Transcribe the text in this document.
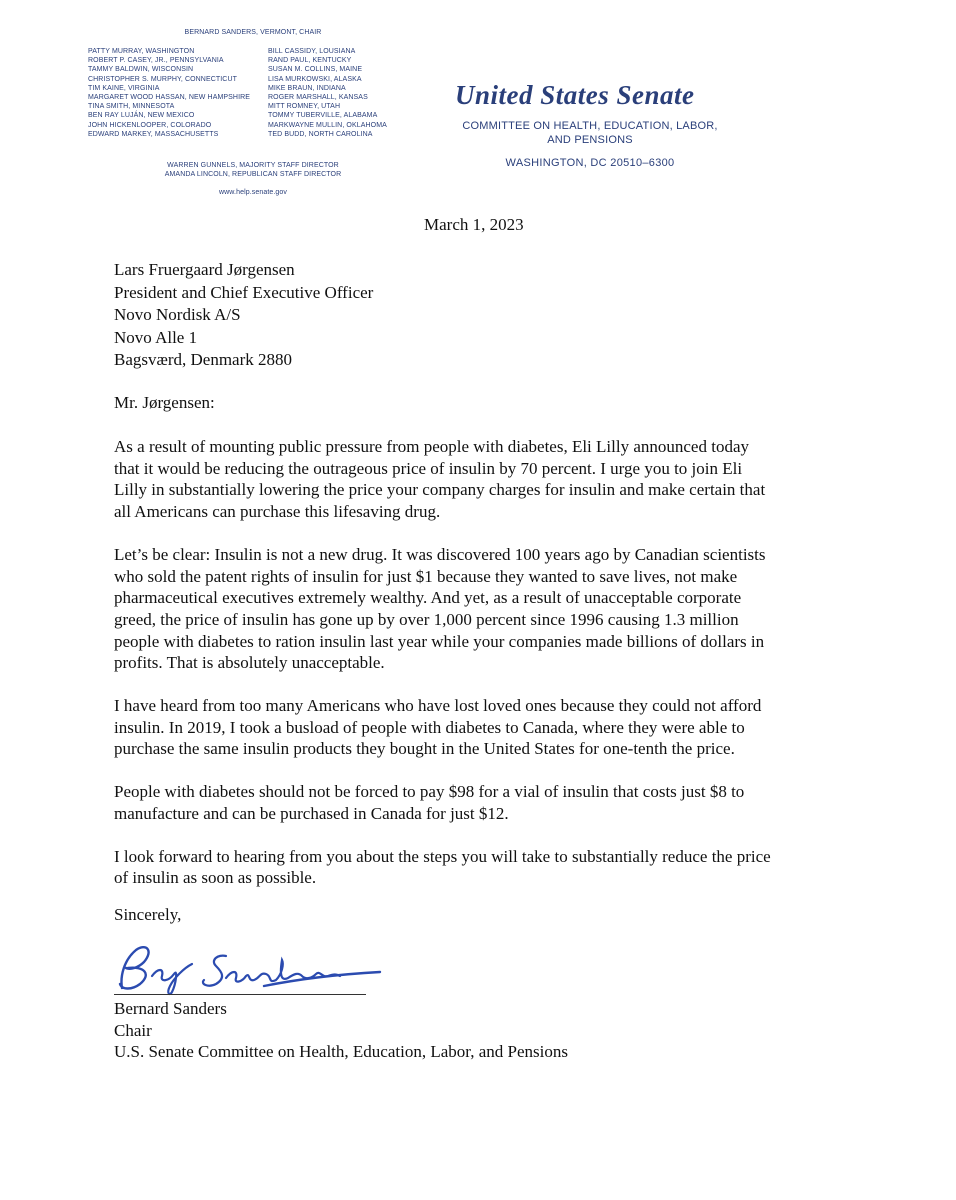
BERNARD SANDERS, VERMONT, CHAIR
PATTY MURRAY, WASHINGTON
ROBERT P. CASEY, JR., PENNSYLVANIA
TAMMY BALDWIN, WISCONSIN
CHRISTOPHER S. MURPHY, CONNECTICUT
TIM KAINE, VIRGINIA
MARGARET WOOD HASSAN, NEW HAMPSHIRE
TINA SMITH, MINNESOTA
BEN RAY LUJÁN, NEW MEXICO
JOHN HICKENLOOPER, COLORADO
EDWARD MARKEY, MASSACHUSETTS
BILL CASSIDY, LOUSIANA
RAND PAUL, KENTUCKY
SUSAN M. COLLINS, MAINE
LISA MURKOWSKI, ALASKA
MIKE BRAUN, INDIANA
ROGER MARSHALL, KANSAS
MITT ROMNEY, UTAH
TOMMY TUBERVILLE, ALABAMA
MARKWAYNE MULLIN, OKLAHOMA
TED BUDD, NORTH CAROLINA
WARREN GUNNELS, MAJORITY STAFF DIRECTOR
AMANDA LINCOLN, REPUBLICAN STAFF DIRECTOR
www.help.senate.gov
United States Senate
COMMITTEE ON HEALTH, EDUCATION, LABOR,
AND PENSIONS
WASHINGTON, DC 20510–6300
March 1, 2023
Lars Fruergaard Jørgensen
President and Chief Executive Officer
Novo Nordisk A/S
Novo Alle 1
Bagsværd, Denmark 2880
Mr. Jørgensen:

As a result of mounting public pressure from people with diabetes, Eli Lilly announced today
that it would be reducing the outrageous price of insulin by 70 percent. I urge you to join Eli
Lilly in substantially lowering the price your company charges for insulin and make certain that
all Americans can purchase this lifesaving drug.

Let’s be clear: Insulin is not a new drug. It was discovered 100 years ago by Canadian scientists
who sold the patent rights of insulin for just $1 because they wanted to save lives, not make
pharmaceutical executives extremely wealthy. And yet, as a result of unacceptable corporate
greed, the price of insulin has gone up by over 1,000 percent since 1996 causing 1.3 million
people with diabetes to ration insulin last year while your companies made billions of dollars in
profits. That is absolutely unacceptable.

I have heard from too many Americans who have lost loved ones because they could not afford
insulin. In 2019, I took a busload of people with diabetes to Canada, where they were able to
purchase the same insulin products they bought in the United States for one-tenth the price.

People with diabetes should not be forced to pay $98 for a vial of insulin that costs just $8 to
manufacture and can be purchased in Canada for just $12.

I look forward to hearing from you about the steps you will take to substantially reduce the price
of insulin as soon as possible.

Sincerely,
Bernard Sanders
Chair
U.S. Senate Committee on Health, Education, Labor, and Pensions
